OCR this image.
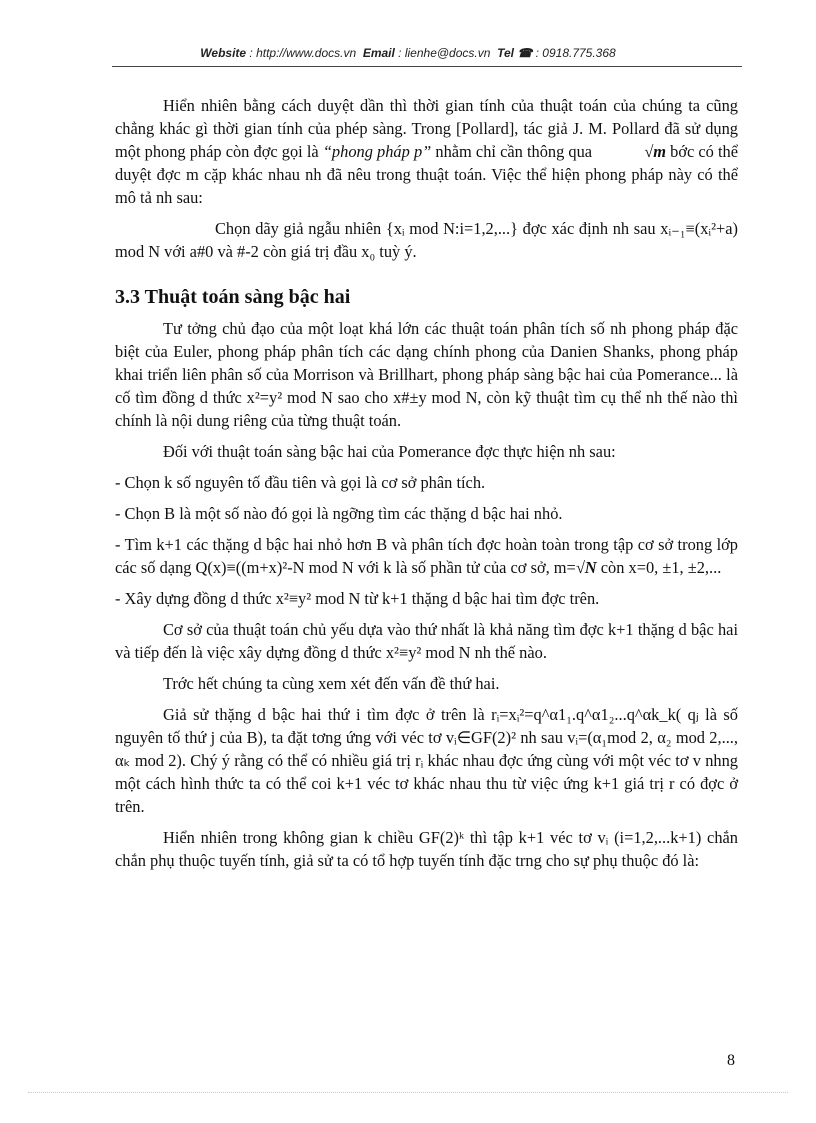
Website : http://www.docs.vn Email : lienhe@docs.vn Tel ☎ : 0918.775.368

Hiển nhiên bằng cách duyệt dần thì thời gian tính của thuật toán của chúng ta cũng chẳng khác gì thời gian tính của phép sàng. Trong [Pollard], tác giả J. M. Pollard đã sử dụng một phong pháp còn đợc gọi là “phong pháp p” nhằm chỉ cần thông qua	√m bớc có thể duyệt đợc m cặp khác nhau nh đã nêu trong thuật toán. Việc thể hiện phong pháp này có thể mô tả nh sau:

Chọn dãy giả ngẫu nhiên {xᵢ mod N:i=1,2,...} đợc xác định nh sau xᵢ₋₁≡(xᵢ²+a) mod N với a#0 và #-2 còn giá trị đầu x₀ tuỳ ý.

3.3 Thuật toán sàng bậc hai

Tư tởng chủ đạo của một loạt khá lớn các thuật toán phân tích số nh phong pháp đặc biệt của Euler, phong pháp phân tích các dạng chính phong của Danien Shanks, phong pháp khai triển liên phân số của Morrison và Brillhart, phong pháp sàng bậc hai của Pomerance... là cố tìm đồng d thức x²=y² mod N sao cho x#±y mod N, còn kỹ thuật tìm cụ thể nh thế nào thì chính là nội dung riêng của từng thuật toán.

Đối với thuật toán sàng bậc hai của Pomerance đợc thực hiện nh sau:

- Chọn k số nguyên tố đầu tiên và gọi là cơ sở phân tích.

- Chọn B là một số nào đó gọi là ngỡng tìm các thặng d bậc hai nhỏ.

- Tìm k+1 các thặng d bậc hai nhỏ hơn B và phân tích đợc hoàn toàn trong tập cơ sở trong lớp các số dạng Q(x)≡((m+x)²-N mod N với k là số phần tử của cơ sở, m=√N còn x=0, ±1, ±2,...

- Xây dựng đồng d thức x²≡y² mod N từ k+1 thặng d bậc hai tìm đợc trên.

Cơ sở của thuật toán chủ yếu dựa vào thứ nhất là khả năng tìm đợc k+1 thặng d bậc hai và tiếp đến là việc xây dựng đồng d thức x²≡y² mod N nh thế nào.

Trớc hết chúng ta cùng xem xét đến vấn đề thứ hai.

Giả sử thặng d bậc hai thứ i tìm đợc ở trên là rᵢ=xᵢ²=q^α1₁.q^α1₂...q^αk_k( qⱼ là số nguyên tố thứ j của B), ta đặt tơng ứng với véc tơ vᵢ∈GF(2)² nh sau vᵢ=(α₁mod 2, α₂ mod 2,..., αₖ mod 2). Chý ý rằng có thể có nhiều giá trị rᵢ khác nhau đợc ứng cùng với một véc tơ v nhng một cách hình thức ta có thể coi k+1 véc tơ khác nhau thu từ việc ứng k+1 giá trị r có đợc ở trên.

Hiển nhiên trong không gian k chiều GF(2)ᵏ thì tập k+1 véc tơ vᵢ (i=1,2,...k+1) chắn chắn phụ thuộc tuyến tính, giả sử ta có tổ hợp tuyến tính đặc trng cho sự phụ thuộc đó là:

8
